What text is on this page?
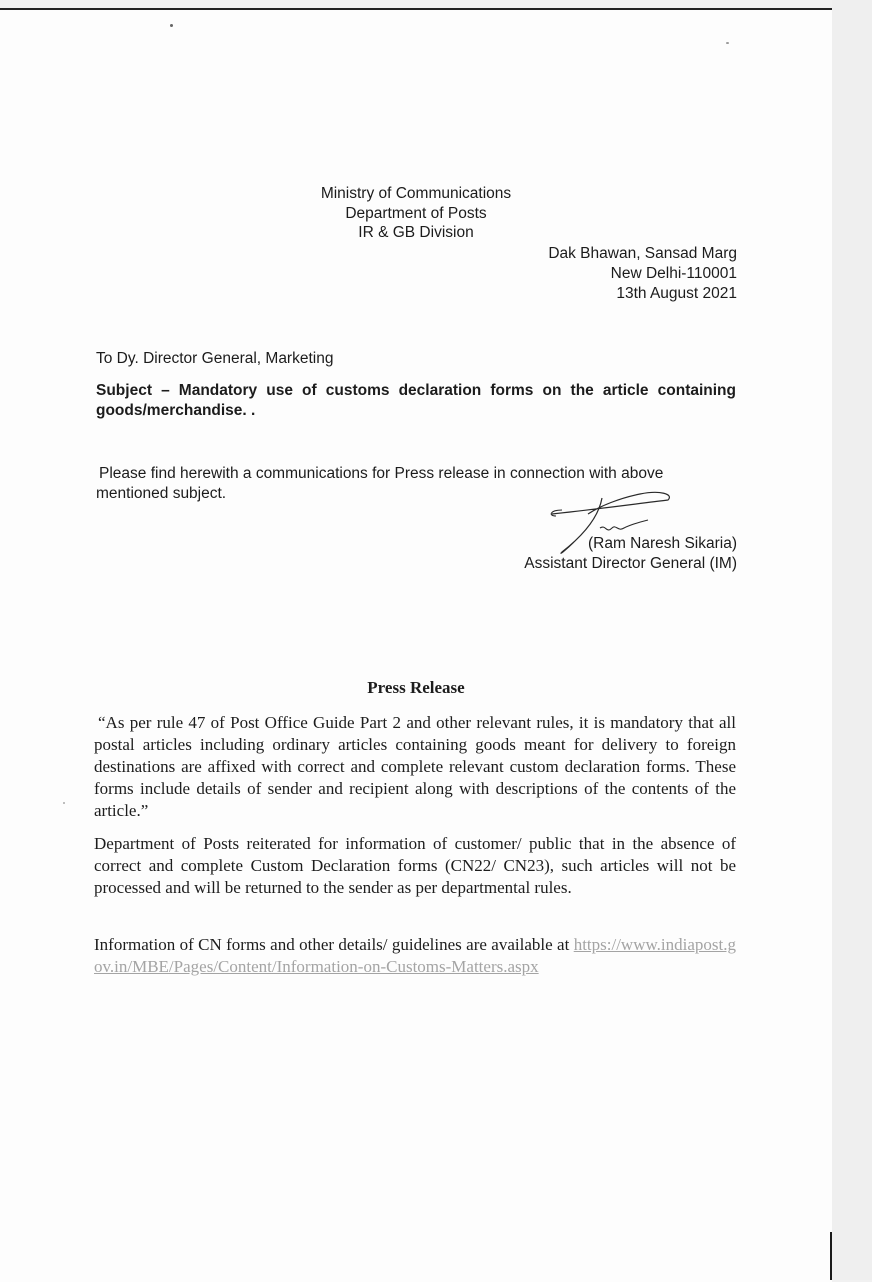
Ministry of Communications
Department of Posts
IR & GB Division
Dak Bhawan, Sansad Marg
New Delhi-110001
13th August 2021
To Dy. Director General, Marketing
Subject – Mandatory use of customs declaration forms on the article containing goods/merchandise. .
Please find herewith a communications for Press release in connection with above mentioned subject.
(Ram Naresh Sikaria)
Assistant Director General (IM)
Press Release
“As per rule 47 of Post Office Guide Part 2 and other relevant rules, it is mandatory that all postal articles including ordinary articles containing goods meant for delivery to foreign destinations are affixed with correct and complete relevant custom declaration forms. These forms include details of sender and recipient along with descriptions of the contents of the article.”
Department of Posts reiterated for information of customer/ public that in the absence of correct and complete Custom Declaration forms (CN22/ CN23), such articles will not be processed and will be returned to the sender as per departmental rules.
Information of CN forms and other details/ guidelines are available at https://www.indiapost.gov.in/MBE/Pages/Content/Information-on-Customs-Matters.aspx
